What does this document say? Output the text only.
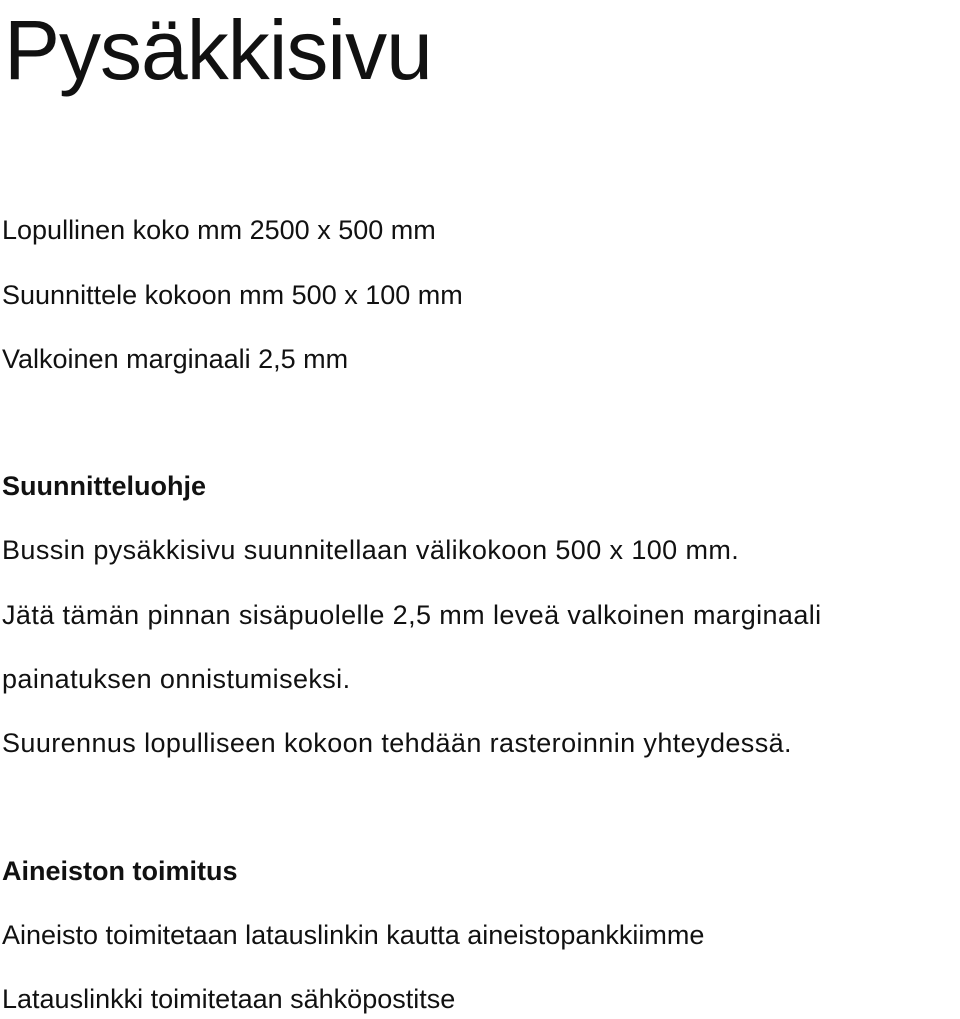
Pysäkkisivu

Lopullinen koko mm 2500 x 500 mm

Suunnittele kokoon mm 500 x 100 mm

Valkoinen marginaali 2,5 mm

Suunnitteluohje

Bussin pysäkkisivu suunnitellaan välikokoon 500 x 100 mm.

Jätä tämän pinnan sisäpuolelle 2,5 mm leveä valkoinen marginaali

painatuksen onnistumiseksi.

Suurennus lopulliseen kokoon tehdään rasteroinnin yhteydessä.

Aineiston toimitus

Aineisto toimitetaan latauslinkin kautta aineistopankkiimme

Latauslinkki toimitetaan sähköpostitse
